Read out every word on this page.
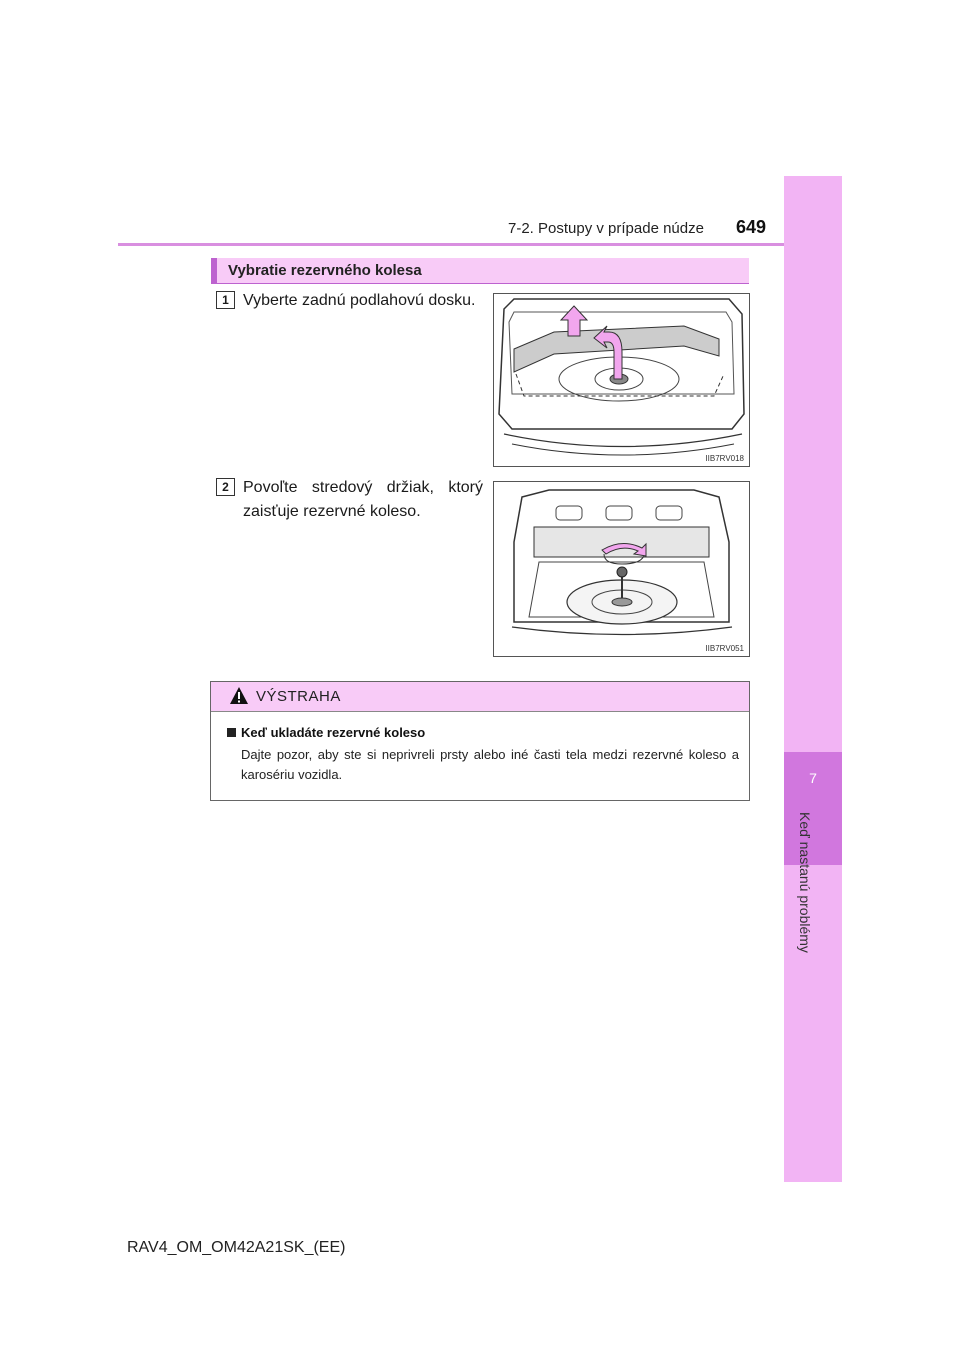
7
Keď nastanú problémy
7-2. Postupy v prípade núdze 649
Vybratie rezervného kolesa
1 Vyberte zadnú podlahovú dosku.
IIB7RV018
2 Povoľte stredový držiak, ktorý zaisťuje rezervné koleso.
IIB7RV051
VÝSTRAHA
Keď ukladáte rezervné koleso
Dajte pozor, aby ste si neprivreli prsty alebo iné časti tela medzi rezervné koleso a karosériu vozidla.
RAV4_OM_OM42A21SK_(EE)
